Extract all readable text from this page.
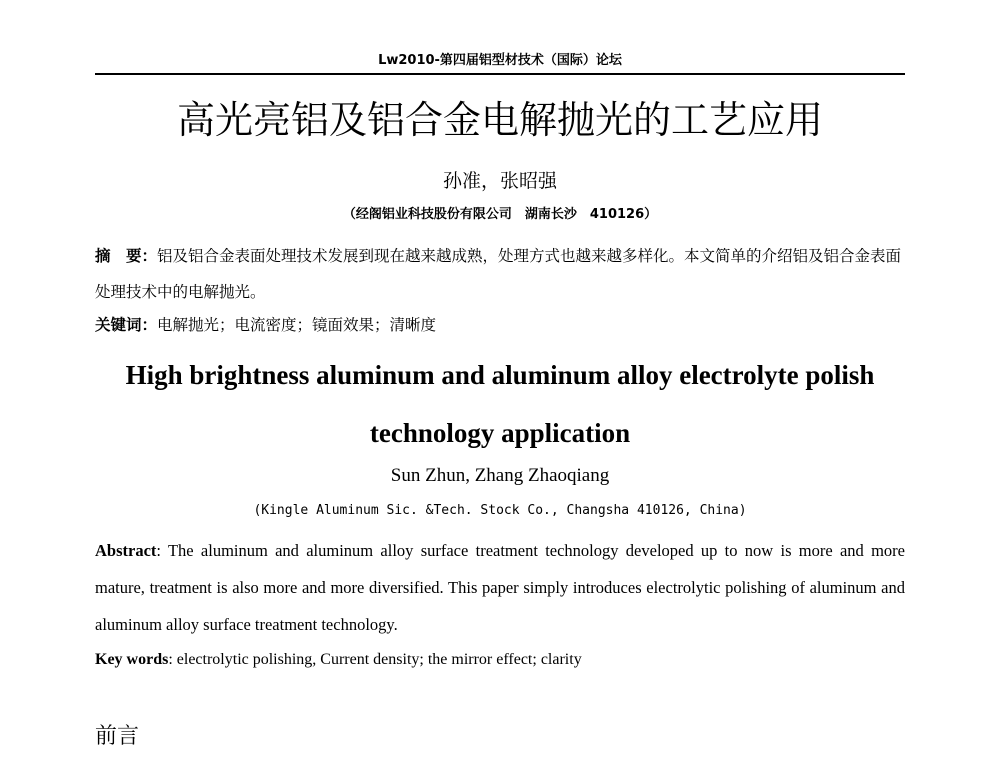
Lw2010-第四届铝型材技术（国际）论坛
高光亮铝及铝合金电解抛光的工艺应用
孙准，张昭强
（经阁铝业科技股份有限公司　湖南长沙　410126）
摘　要：铝及铝合金表面处理技术发展到现在越来越成熟，处理方式也越来越多样化。本文简单的介绍铝及铝合金表面处理技术中的电解抛光。
关键词：电解抛光；电流密度；镜面效果；清晰度
High brightness aluminum and aluminum alloy electrolyte polish
technology application
Sun Zhun, Zhang Zhaoqiang
(Kingle Aluminum Sic. &Tech. Stock Co., Changsha 410126, China)
Abstract: The aluminum and aluminum alloy surface treatment technology developed up to now is more and more mature, treatment is also more and more diversified. This paper simply introduces electrolytic polishing of aluminum and aluminum alloy surface treatment technology.
Key words: electrolytic polishing, Current density; the mirror effect; clarity
前言
